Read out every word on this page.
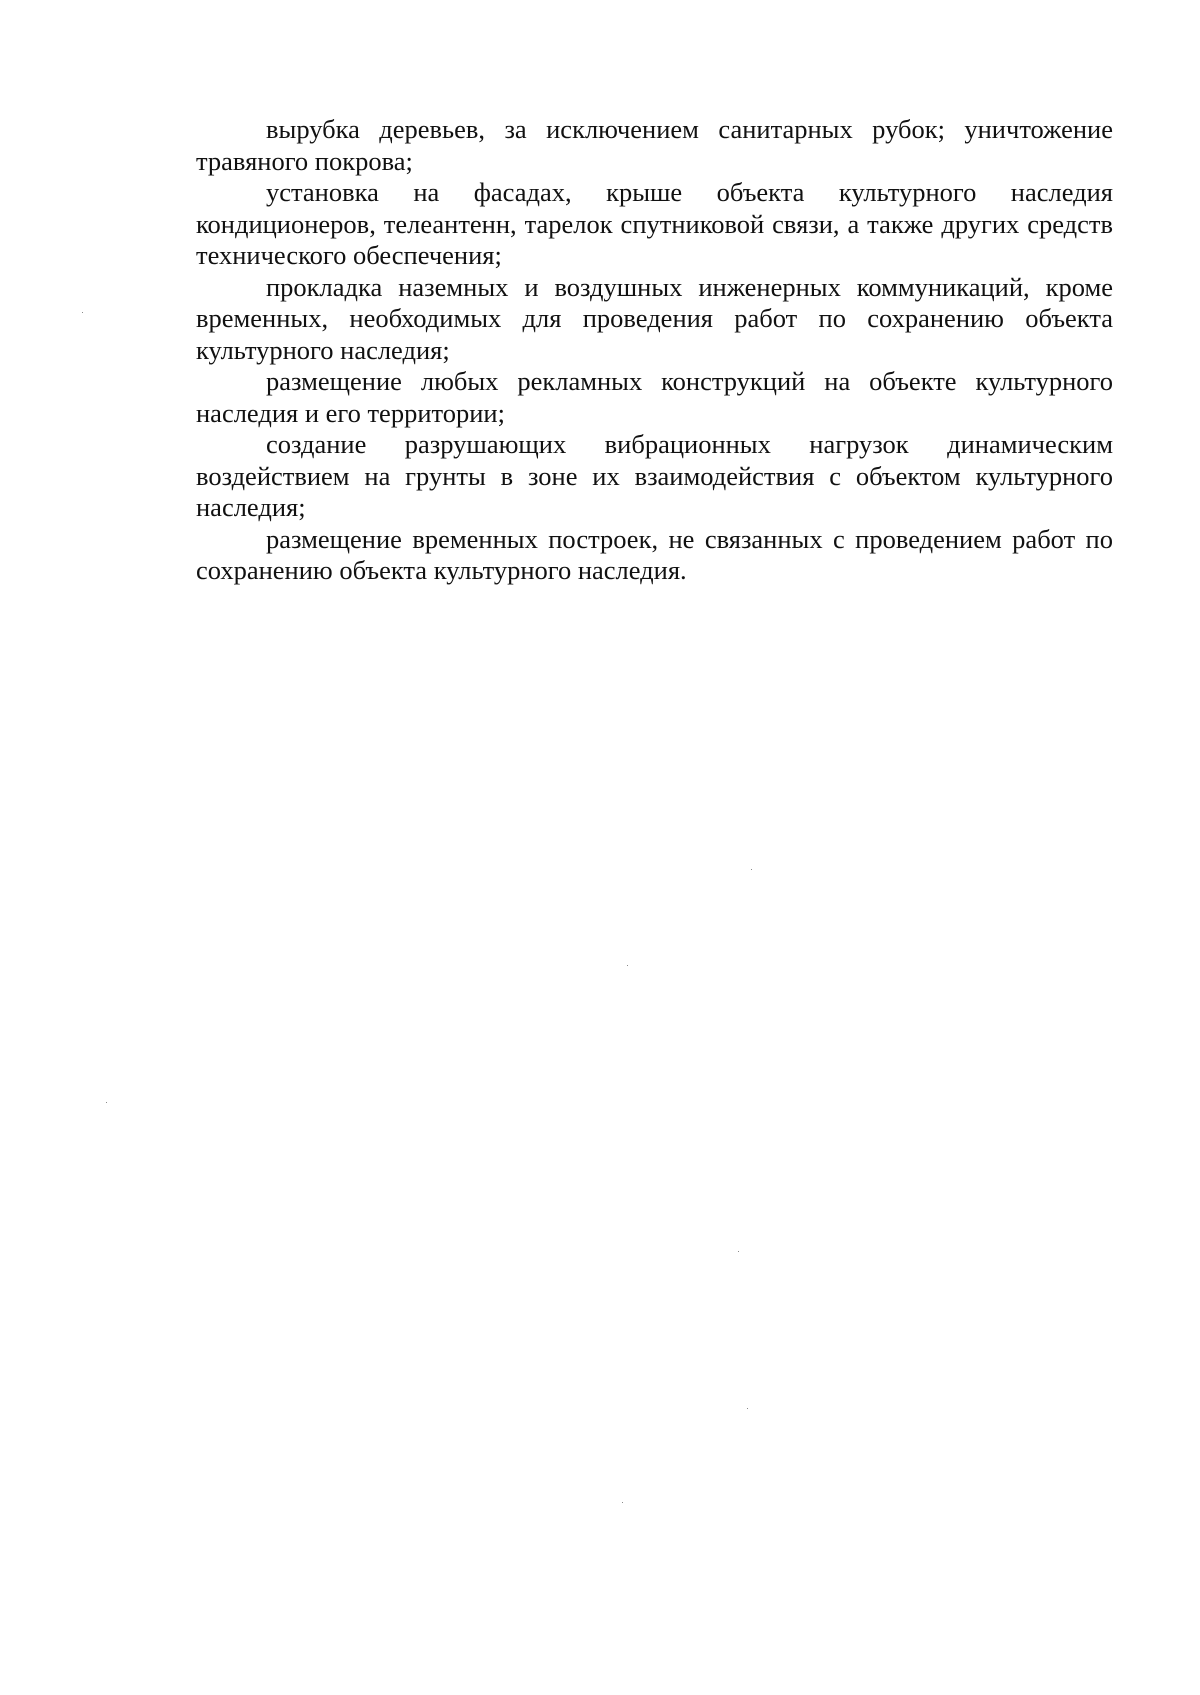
вырубка деревьев, за исключением санитарных рубок; уничтожение травяного покрова;

установка на фасадах, крыше объекта культурного наследия кондиционеров, телеантенн, тарелок спутниковой связи, а также других средств технического обеспечения;

прокладка наземных и воздушных инженерных коммуникаций, кроме временных, необходимых для проведения работ по сохранению объекта культурного наследия;

размещение любых рекламных конструкций на объекте культурного наследия и его территории;

создание разрушающих вибрационных нагрузок динамическим воздействием на грунты в зоне их взаимодействия с объектом культурного наследия;

размещение временных построек, не связанных с проведением работ по сохранению объекта культурного наследия.
